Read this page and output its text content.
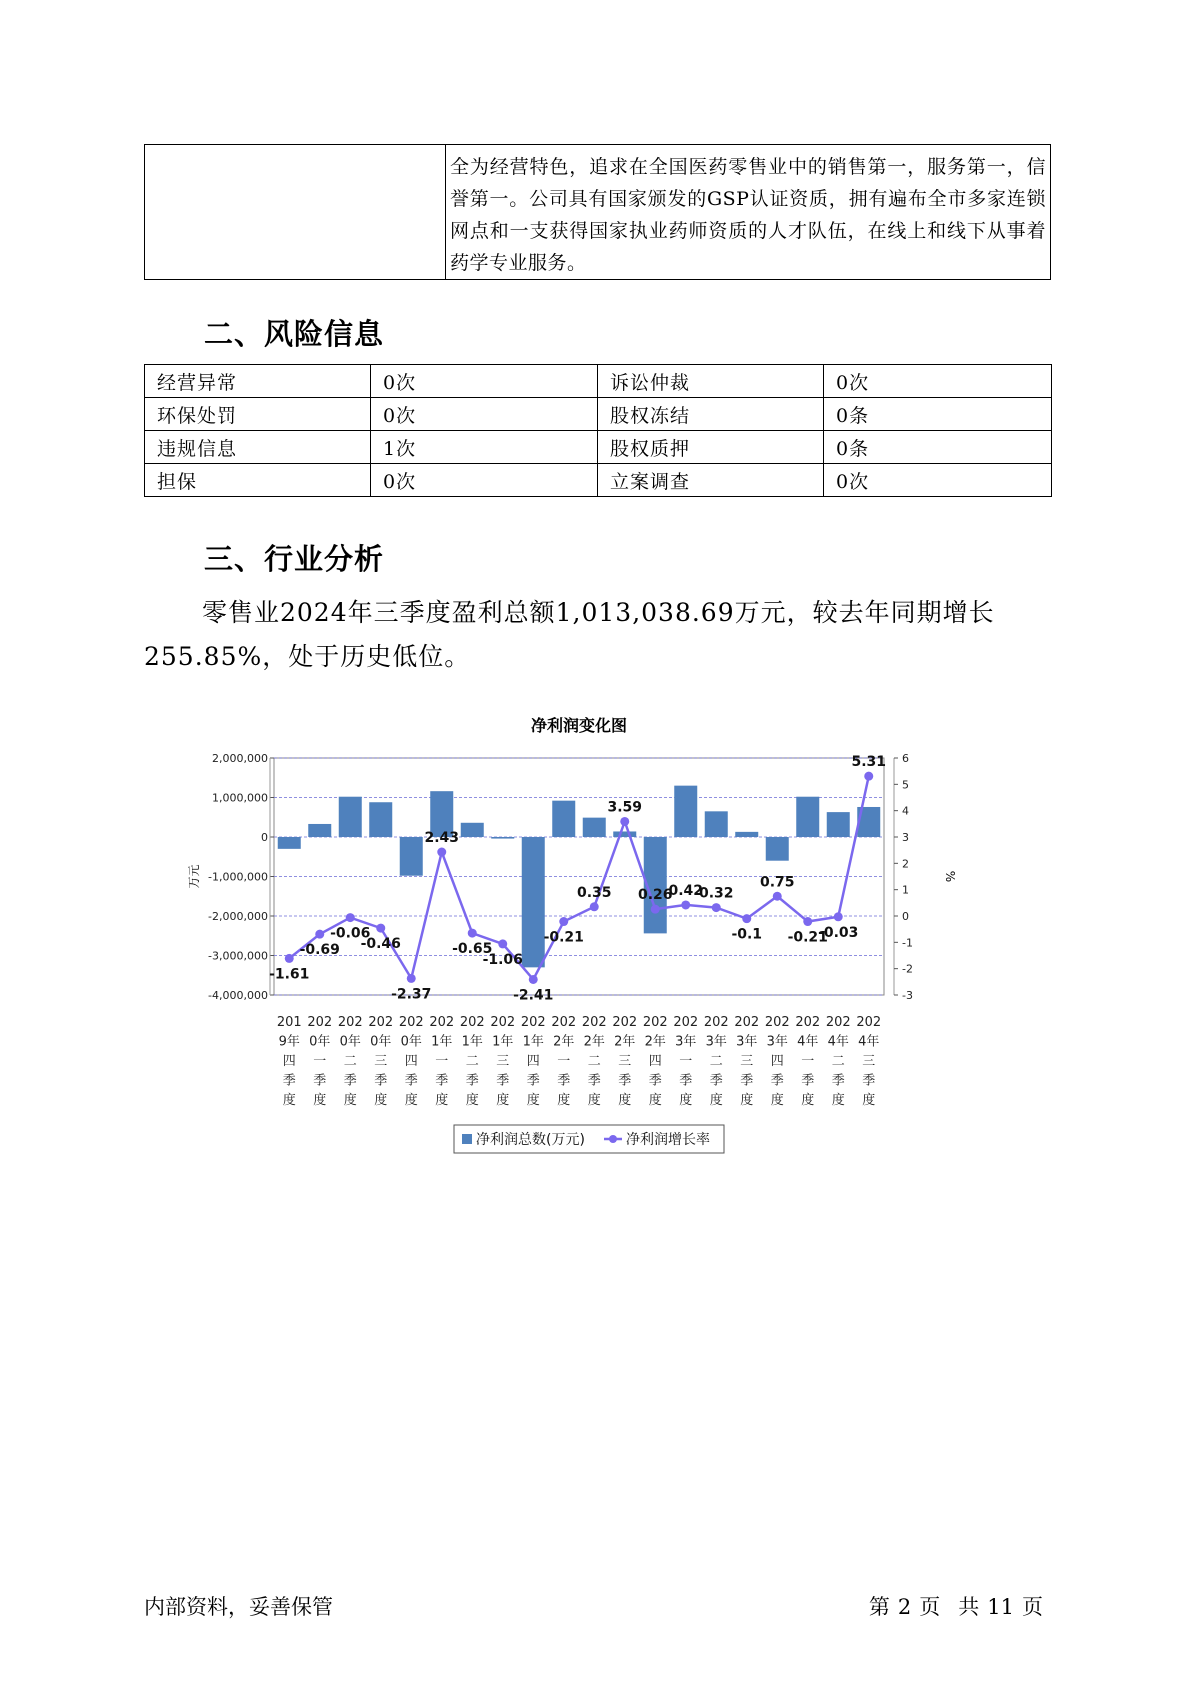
	全为经营特色，追求在全国医药零售业中的销售第一，服务第一，信誉第一。公司具有国家颁发的GSP认证资质，拥有遍布全市多家连锁网点和一支获得国家执业药师资质的人才队伍，在线上和线下从事着药学专业服务。
二、风险信息
经营异常	0次	诉讼仲裁	0次
环保处罚	0次	股权冻结	0条
违规信息	1次	股权质押	0条
担保	0次	立案调查	0次
三、行业分析

零售业2024年三季度盈利总额1,013,038.69万元，较去年同期增长255.85%，处于历史低位。

净利润变化图
2,000,000
1,000,000
0
-1,000,000
-2,000,000
-3,000,000
-4,000,000
6
5
4
3
2
1
0
-1
-2
-3
万元	%
-1.61
-0.69
-0.06
-0.46
-2.37
2.43
-0.65
-1.06
-2.41
-0.21
0.35
3.59
0.26
0.42
0.32
-0.1
0.75
-0.21
-0.03
5.31
201
9年
四
季
度
202
0年
一
季
度
202
0年
二
季
度
202
0年
三
季
度
202
0年
四
季
度
202
1年
一
季
度
202
1年
二
季
度
202
1年
三
季
度
202
1年
四
季
度
202
2年
一
季
度
202
2年
二
季
度
202
2年
三
季
度
202
2年
四
季
度
202
3年
一
季
度
202
3年
二
季
度
202
3年
三
季
度
202
3年
四
季
度
202
4年
一
季
度
202
4年
二
季
度
202
4年
三
季
度
净利润总数(万元)	净利润增长率
内部资料，妥善保管	第 2 页 共 11 页
